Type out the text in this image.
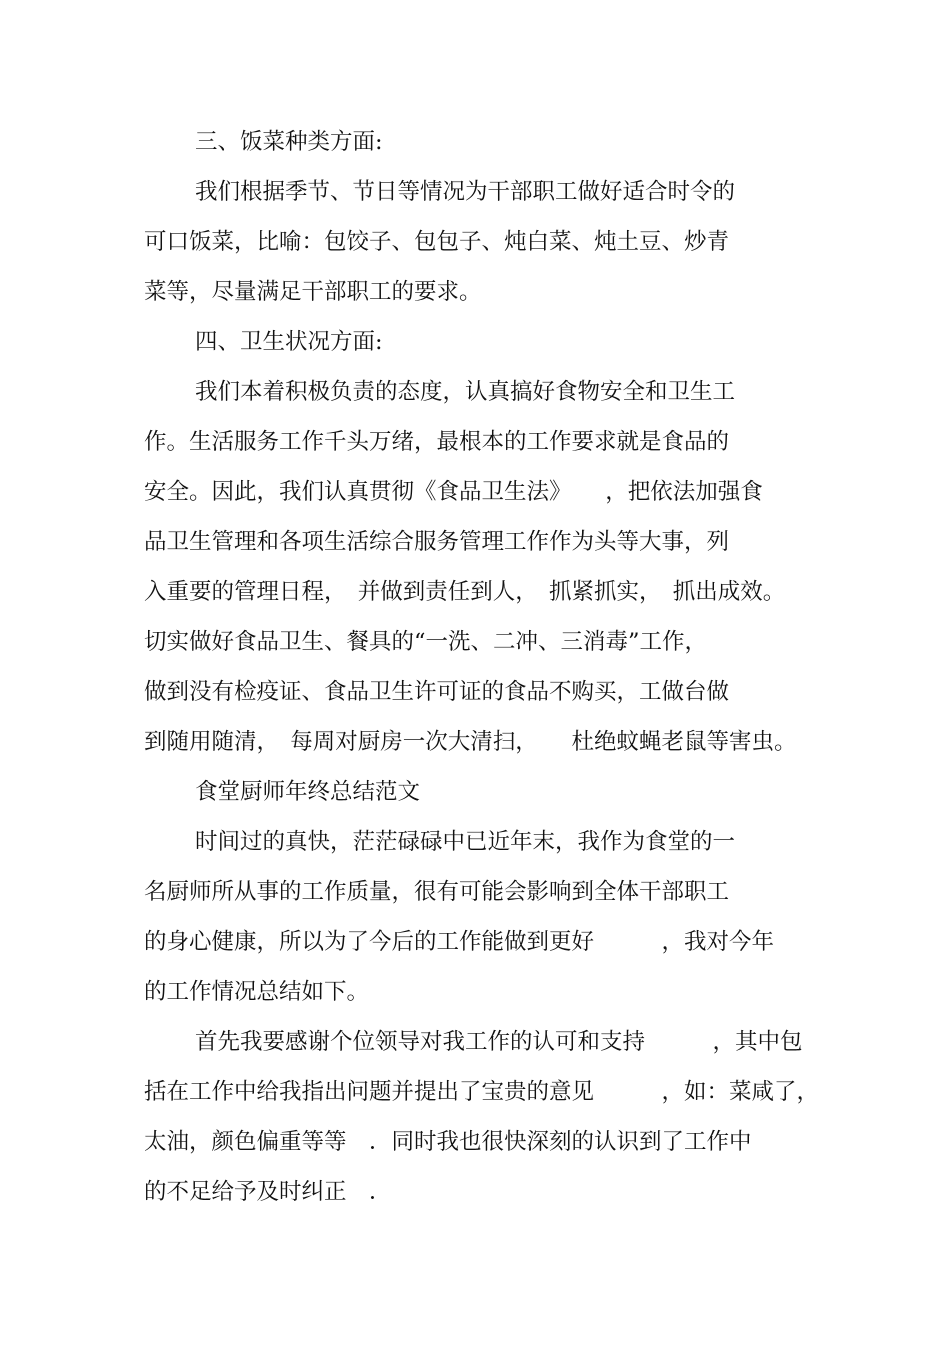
三、饭菜种类方面:
我们根据季节、节日等情况为干部职工做好适合时令的
可口饭菜，比喻：包饺子、包包子、炖白菜、炖土豆、炒青
菜等，尽量满足干部职工的要求。
四、卫生状况方面:
我们本着积极负责的态度，认真搞好食物安全和卫生工
作。生活服务工作千头万绪，最根本的工作要求就是食品的
安全。因此，我们认真贯彻《食品卫生法》　　，把依法加强食
品卫生管理和各项生活综合服务管理工作作为头等大事，列
入重要的管理日程，　并做到责任到人，　抓紧抓实，　抓出成效。
切实做好食品卫生、餐具的“一洗、二冲、三消毒”工作，
做到没有检疫证、食品卫生许可证的食品不购买，工做台做
到随用随清，　每周对厨房一次大清扫，　　杜绝蚊蝇老鼠等害虫。
食堂厨师年终总结范文
时间过的真快，茫茫碌碌中已近年末，我作为食堂的一
名厨师所从事的工作质量，很有可能会影响到全体干部职工
的身心健康，所以为了今后的工作能做到更好　　　，我对今年
的工作情况总结如下。
首先我要感谢个位领导对我工作的认可和支持　　　，其中包
括在工作中给我指出问题并提出了宝贵的意见　　　，如：菜咸了，
太油，颜色偏重等等　．同时我也很快深刻的认识到了工作中
的不足给予及时纠正　．
